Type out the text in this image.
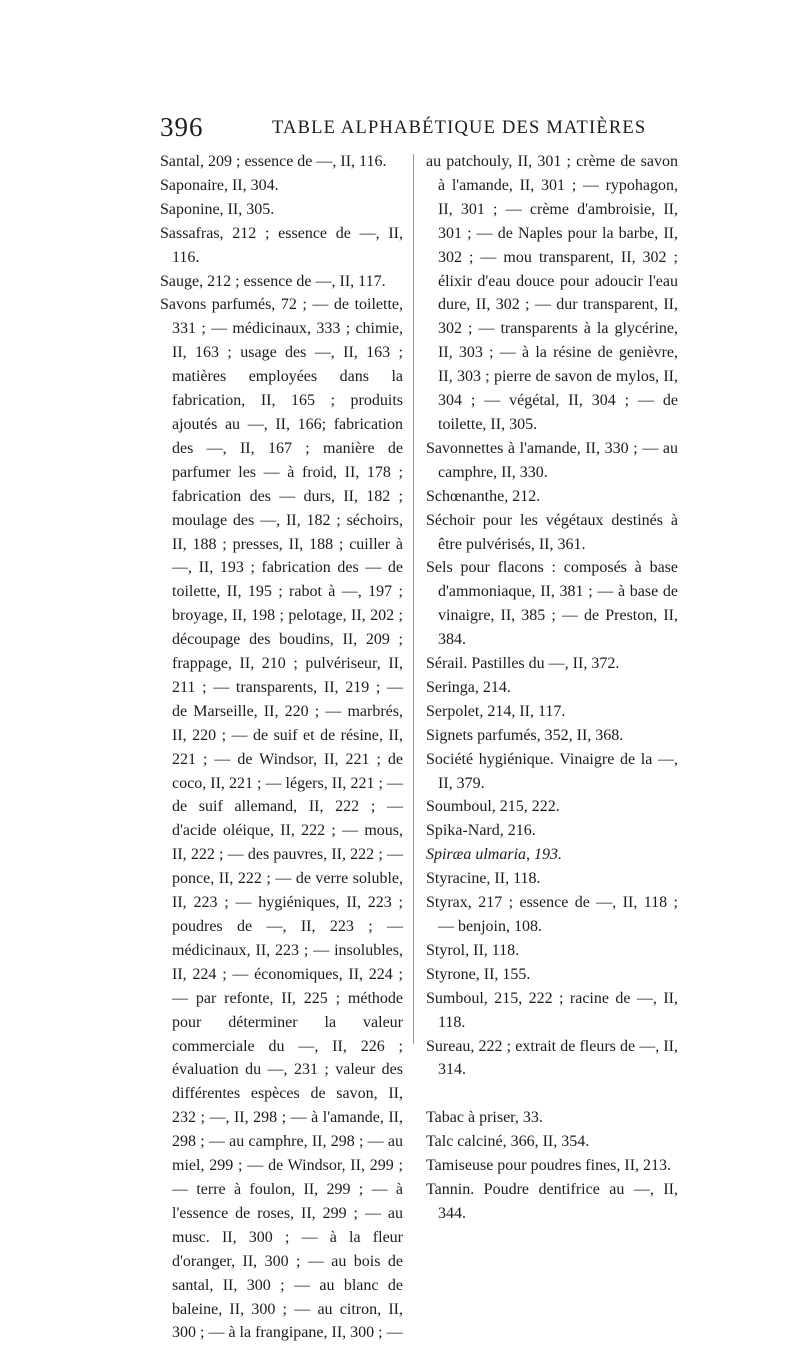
396	TABLE ALPHABÉTIQUE DES MATIÈRES

Santal, 209 ; essence de —, II, 116.

Saponaire, II, 304.

Saponine, II, 305.

Sassafras, 212 ; essence de —, II, 116.

Sauge, 212 ; essence de —, II, 117.

Savons parfumés, 72 ; — de toilette, 331 ; — médicinaux, 333 ; chimie, II, 163 ; usage des —, II, 163 ; matières employées dans la fabrication, II, 165 ; produits ajoutés au —, II, 166; fabrication des —, II, 167 ; manière de parfumer les — à froid, II, 178 ; fabrication des — durs, II, 182 ; moulage des —, II, 182 ; séchoirs, II, 188 ; presses, II, 188 ; cuiller à —, II, 193 ; fabrication des — de toilette, II, 195 ; rabot à —, 197 ; broyage, II, 198 ; pelotage, II, 202 ; découpage des boudins, II, 209 ; frappage, II, 210 ; pulvériseur, II, 211 ; — transparents, II, 219 ; — de Marseille, II, 220 ; — marbrés, II, 220 ; — de suif et de résine, II, 221 ; — de Windsor, II, 221 ; de coco, II, 221 ; — légers, II, 221 ; — de suif allemand, II, 222 ; — d'acide oléique, II, 222 ; — mous, II, 222 ; — des pauvres, II, 222 ; — ponce, II, 222 ; — de verre soluble, II, 223 ; — hygiéniques, II, 223 ; poudres de —, II, 223 ; — médicinaux, II, 223 ; — insolubles, II, 224 ; — économiques, II, 224 ; — par refonte, II, 225 ; méthode pour déterminer la valeur commerciale du —, II, 226 ; évaluation du —, 231 ; valeur des différentes espèces de savon, II, 232 ; —, II, 298 ; — à l'amande, II, 298 ; — au camphre, II, 298 ; — au miel, 299 ; — de Windsor, II, 299 ; — terre à foulon, II, 299 ; — à l'essence de roses, II, 299 ; — au musc. II, 300 ; — à la fleur d'oranger, II, 300 ; — au bois de santal, II, 300 ; — au blanc de baleine, II, 300 ; — au citron, II, 300 ; — à la frangipane, II, 300 ; —

au patchouly, II, 301 ; crème de savon à l'amande, II, 301 ; — rypohagon, II, 301 ; — crème d'ambroisie, II, 301 ; — de Naples pour la barbe, II, 302 ; — mou transparent, II, 302 ; élixir d'eau douce pour adoucir l'eau dure, II, 302 ; — dur transparent, II, 302 ; — transparents à la glycérine, II, 303 ; — à la résine de genièvre, II, 303 ; pierre de savon de mylos, II, 304 ; — végétal, II, 304 ; — de toilette, II, 305.

Savonnettes à l'amande, II, 330 ; — au camphre, II, 330.

Schœnanthe, 212.

Séchoir pour les végétaux destinés à être pulvérisés, II, 361.

Sels pour flacons : composés à base d'ammoniaque, II, 381 ; — à base de vinaigre, II, 385 ; — de Preston, II, 384.

Sérail. Pastilles du —, II, 372.

Seringa, 214.

Serpolet, 214, II, 117.

Signets parfumés, 352, II, 368.

Société hygiénique. Vinaigre de la —, II, 379.

Soumboul, 215, 222.

Spika-Nard, 216.

Spiræa ulmaria, 193.

Styracine, II, 118.

Styrax, 217 ; essence de —, II, 118 ; — benjoin, 108.

Styrol, II, 118.

Styrone, II, 155.

Sumboul, 215, 222 ; racine de —, II, 118.

Sureau, 222 ; extrait de fleurs de —, II, 314.

Tabac à priser, 33.

Talc calciné, 366, II, 354.

Tamiseuse pour poudres fines, II, 213.

Tannin. Poudre dentifrice au —, II, 344.
